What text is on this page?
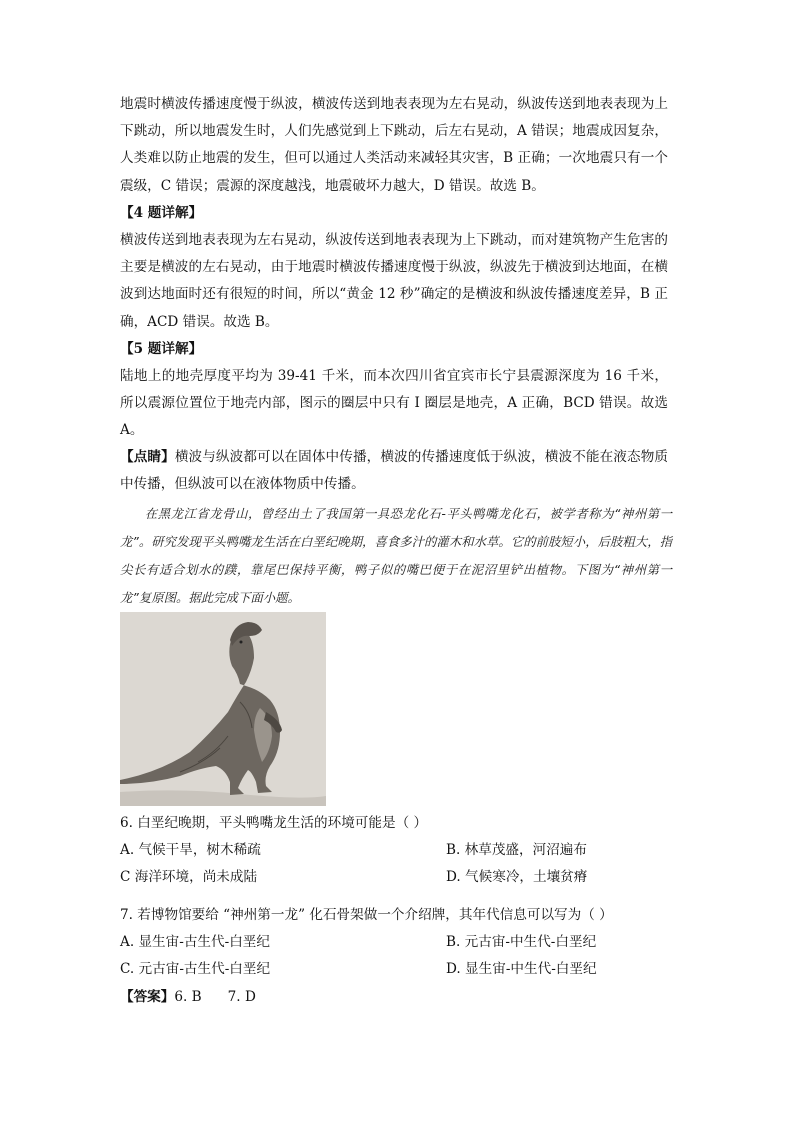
地震时横波传播速度慢于纵波，横波传送到地表表现为左右晃动，纵波传送到地表表现为上下跳动，所以地震发生时，人们先感觉到上下跳动，后左右晃动，A 错误；地震成因复杂，人类难以防止地震的发生，但可以通过人类活动来减轻其灾害，B 正确；一次地震只有一个震级，C 错误；震源的深度越浅，地震破坏力越大，D 错误。故选 B。

【4 题详解】

横波传送到地表表现为左右晃动，纵波传送到地表表现为上下跳动，而对建筑物产生危害的主要是横波的左右晃动，由于地震时横波传播速度慢于纵波，纵波先于横波到达地面，在横波到达地面时还有很短的时间，所以“黄金 12 秒”确定的是横波和纵波传播速度差异，B 正确，ACD 错误。故选 B。

【5 题详解】

陆地上的地壳厚度平均为 39-41 千米，而本次四川省宜宾市长宁县震源深度为 16 千米，所以震源位置位于地壳内部，图示的圈层中只有 I 圈层是地壳，A 正确，BCD 错误。故选 A。

【点睛】横波与纵波都可以在固体中传播，横波的传播速度低于纵波，横波不能在液态物质中传播，但纵波可以在液体物质中传播。

在黑龙江省龙骨山，曾经出土了我国第一具恐龙化石-平头鸭嘴龙化石，被学者称为“神州第一龙”。研究发现平头鸭嘴龙生活在白垩纪晚期，喜食多汁的灌木和水草。它的前肢短小，后肢粗大，指尖长有适合划水的蹼，靠尾巴保持平衡，鸭子似的嘴巴便于在泥沼里铲出植物。下图为“神州第一龙”复原图。据此完成下面小题。

6. 白垩纪晚期，平头鸭嘴龙生活的环境可能是（ ）

A. 气候干旱，树木稀疏	B. 林草茂盛，河沼遍布

C 海洋环境，尚未成陆	D. 气候寒冷，土壤贫瘠

7. 若博物馆要给 “神州第一龙” 化石骨架做一个介绍牌，其年代信息可以写为（ ）

A. 显生宙-古生代-白垩纪	B. 元古宙-中生代-白垩纪

C. 元古宙-古生代-白垩纪	D. 显生宙-中生代-白垩纪

【答案】6. B 7. D
